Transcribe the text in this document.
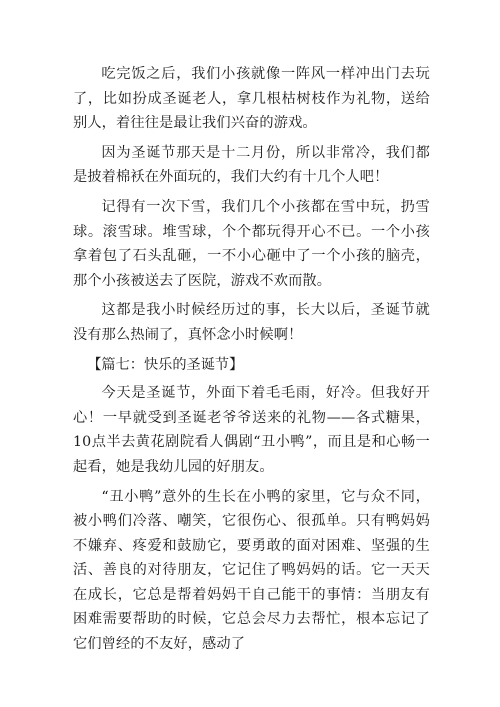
吃完饭之后，我们小孩就像一阵风一样冲出门去玩了，比如扮成圣诞老人，拿几根枯树枝作为礼物，送给别人，着往往是最让我们兴奋的游戏。

因为圣诞节那天是十二月份，所以非常冷，我们都是披着棉袄在外面玩的，我们大约有十几个人吧！

记得有一次下雪，我们几个小孩都在雪中玩，扔雪球。滚雪球。堆雪球，个个都玩得开心不已。一个小孩拿着包了石头乱砸，一不小心砸中了一个小孩的脑壳，那个小孩被送去了医院，游戏不欢而散。

这都是我小时候经历过的事，长大以后，圣诞节就没有那么热闹了，真怀念小时候啊！

【篇七：快乐的圣诞节】

今天是圣诞节，外面下着毛毛雨，好冷。但我好开心！一早就受到圣诞老爷爷送来的礼物——各式糖果，10点半去黄花剧院看人偶剧“丑小鸭”，而且是和心畅一起看，她是我幼儿园的好朋友。

“丑小鸭”意外的生长在小鸭的家里，它与众不同，被小鸭们冷落、嘲笑，它很伤心、很孤单。只有鸭妈妈不嫌弃、疼爱和鼓励它，要勇敢的面对困难、坚强的生活、善良的对待朋友，它记住了鸭妈妈的话。它一天天在成长，它总是帮着妈妈干自己能干的事情：当朋友有困难需要帮助的时候，它总会尽力去帮忙，根本忘记了它们曾经的不友好，感动了
